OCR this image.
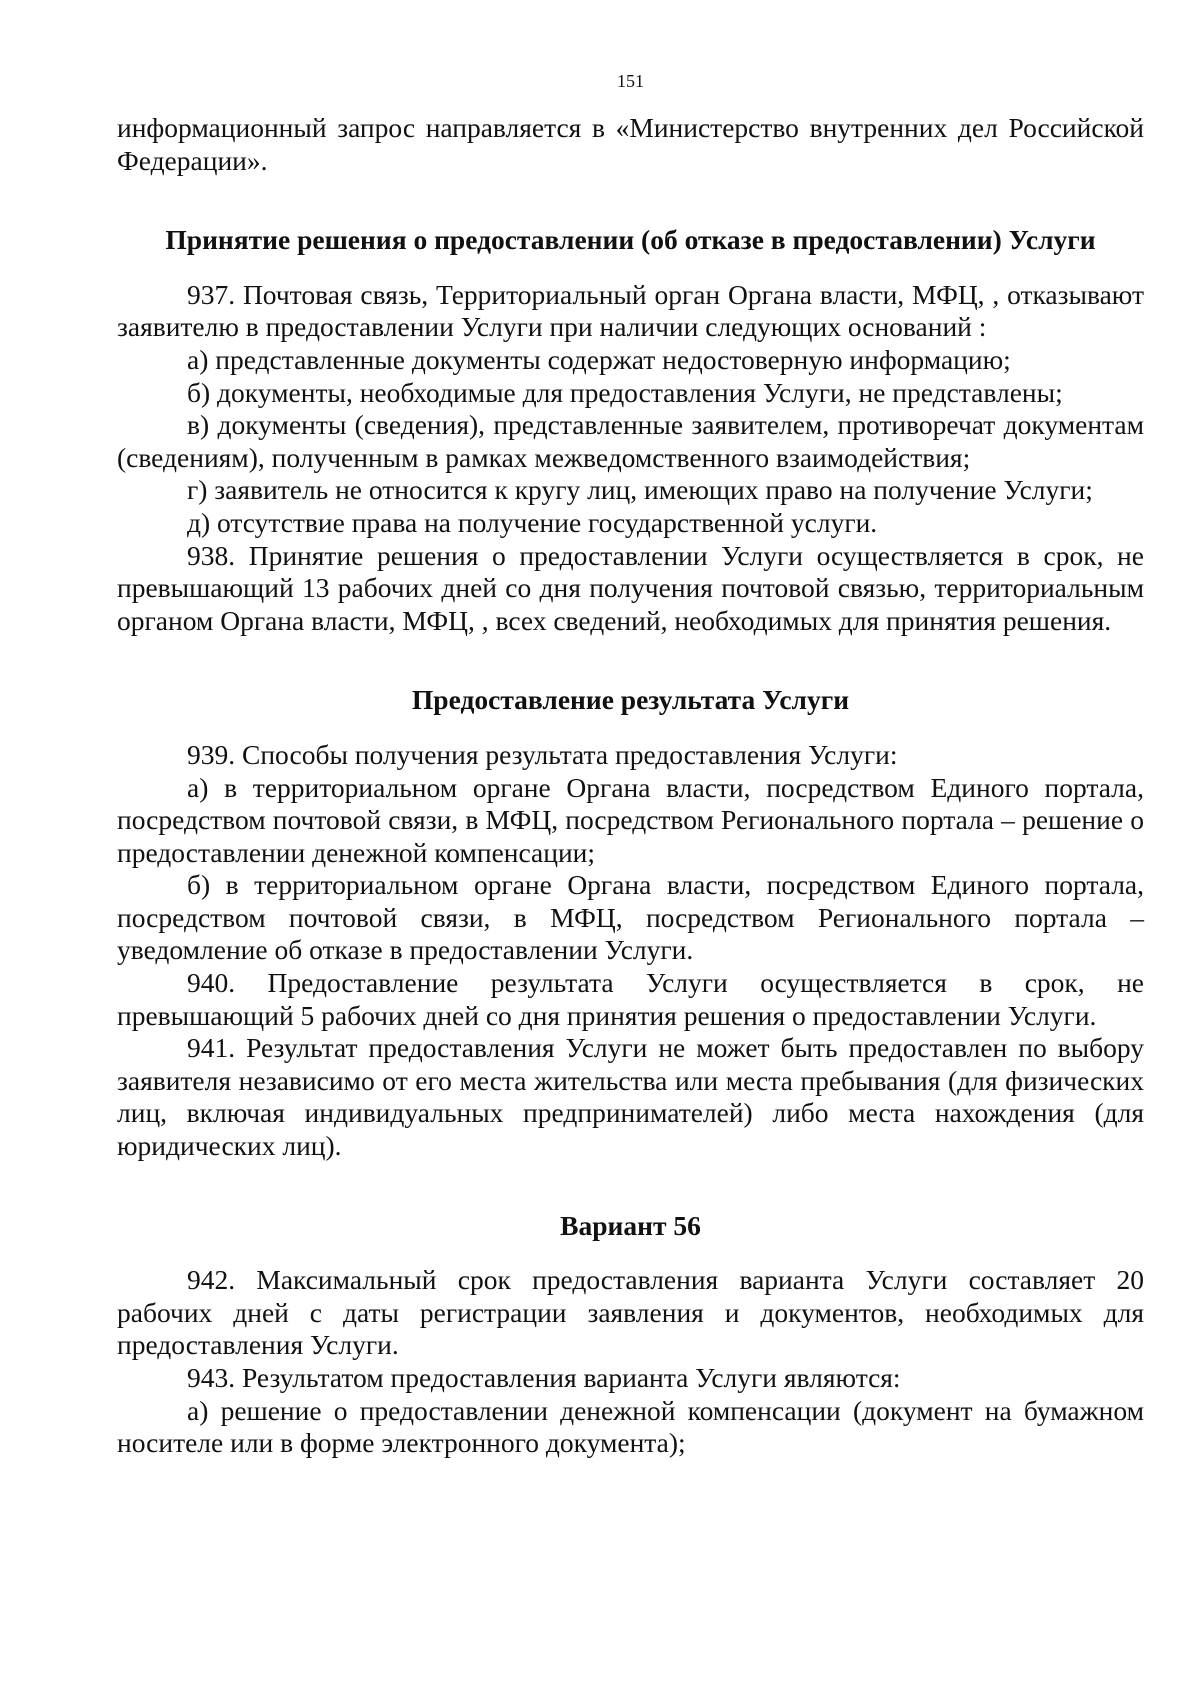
151

информационный запрос направляется в «Министерство внутренних дел Российской Федерации».

Принятие решения о предоставлении (об отказе в предоставлении) Услуги

937. Почтовая связь, Территориальный орган Органа власти, МФЦ, , отказывают заявителю в предоставлении Услуги при наличии следующих оснований :

а) представленные документы содержат недостоверную информацию;

б) документы, необходимые для предоставления Услуги, не представлены;

в) документы (сведения), представленные заявителем, противоречат документам (сведениям), полученным в рамках межведомственного взаимодействия;

г) заявитель не относится к кругу лиц, имеющих право на получение Услуги;

д) отсутствие права на получение государственной услуги.

938. Принятие решения о предоставлении Услуги осуществляется в срок, не превышающий 13 рабочих дней со дня получения почтовой связью, территориальным органом Органа власти, МФЦ, , всех сведений, необходимых для принятия решения.

Предоставление результата Услуги

939. Способы получения результата предоставления Услуги:

а) в территориальном органе Органа власти, посредством Единого портала, посредством почтовой связи, в МФЦ, посредством Регионального портала – решение о предоставлении денежной компенсации;

б) в территориальном органе Органа власти, посредством Единого портала, посредством почтовой связи, в МФЦ, посредством Регионального портала – уведомление об отказе в предоставлении Услуги.

940. Предоставление результата Услуги осуществляется в срок, не превышающий 5 рабочих дней со дня принятия решения о предоставлении Услуги.

941. Результат предоставления Услуги не может быть предоставлен по выбору заявителя независимо от его места жительства или места пребывания (для физических лиц, включая индивидуальных предпринимателей) либо места нахождения (для юридических лиц).

Вариант 56

942. Максимальный срок предоставления варианта Услуги составляет 20 рабочих дней с даты регистрации заявления и документов, необходимых для предоставления Услуги.

943. Результатом предоставления варианта Услуги являются:

а) решение о предоставлении денежной компенсации (документ на бумажном носителе или в форме электронного документа);
